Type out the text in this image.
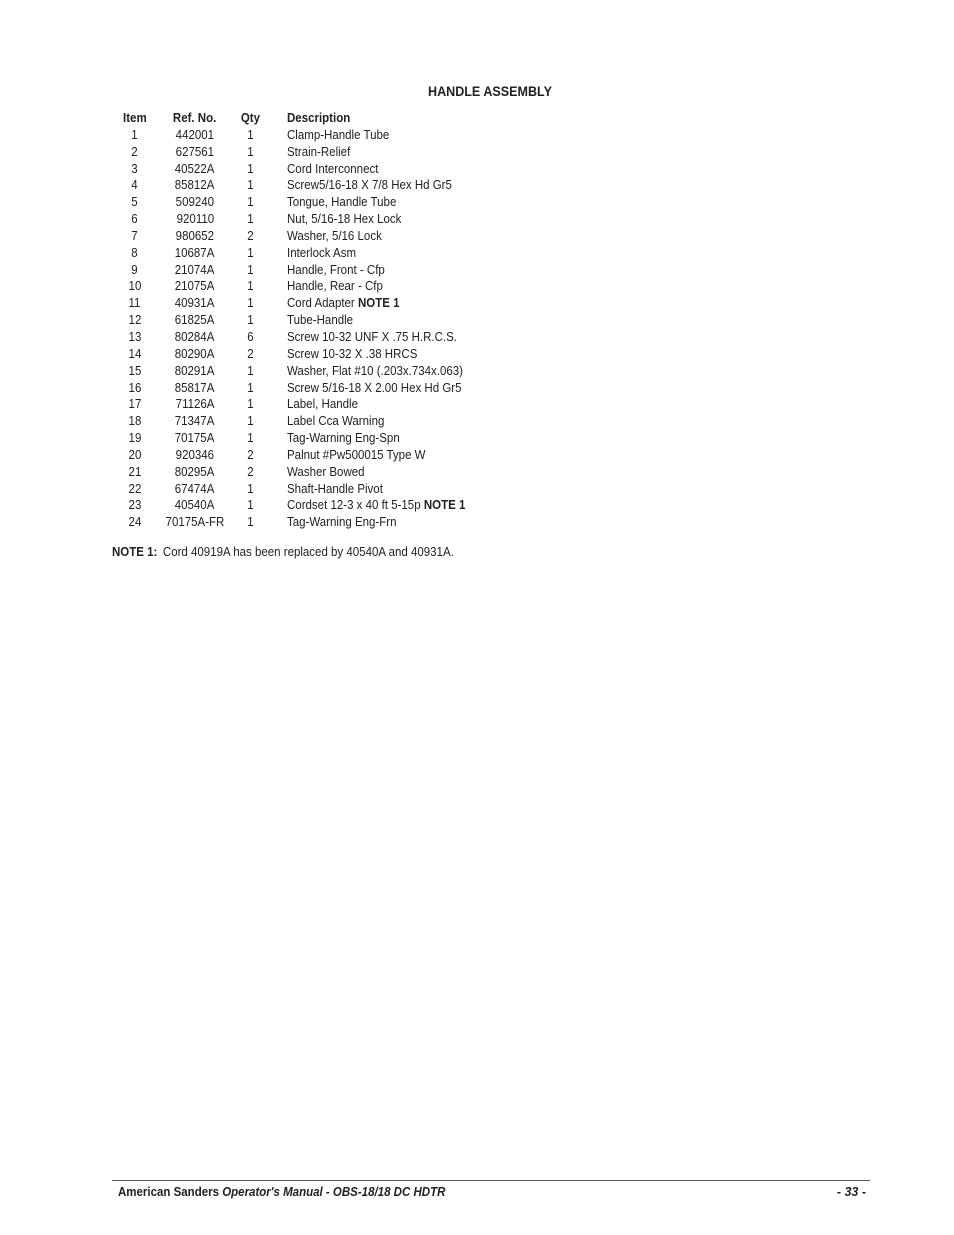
HANDLE ASSEMBLY
Item	Ref. No.	Qty	Description
1	442001	1	Clamp-Handle Tube
2	627561	1	Strain-Relief
3	40522A	1	Cord Interconnect
4	85812A	1	Screw5/16-18 X 7/8 Hex Hd Gr5
5	509240	1	Tongue, Handle Tube
6	920110	1	Nut, 5/16-18 Hex Lock
7	980652	2	Washer, 5/16 Lock
8	10687A	1	Interlock Asm
9	21074A	1	Handle, Front - Cfp
10	21075A	1	Handle, Rear - Cfp
11	40931A	1	Cord Adapter NOTE 1
12	61825A	1	Tube-Handle
13	80284A	6	Screw 10-32 UNF X .75 H.R.C.S.
14	80290A	2	Screw 10-32 X .38 HRCS
15	80291A	1	Washer, Flat #10 (.203x.734x.063)
16	85817A	1	Screw 5/16-18 X 2.00 Hex Hd Gr5
17	71126A	1	Label, Handle
18	71347A	1	Label Cca Warning
19	70175A	1	Tag-Warning Eng-Spn
20	920346	2	Palnut #Pw500015 Type W
21	80295A	2	Washer Bowed
22	67474A	1	Shaft-Handle Pivot
23	40540A	1	Cordset 12-3 x 40 ft 5-15p NOTE 1
24	70175A-FR	1	Tag-Warning Eng-Frn
NOTE 1: Cord 40919A has been replaced by 40540A and 40931A.
American Sanders Operator's Manual - OBS-18/18 DC HDTR	- 33 -
